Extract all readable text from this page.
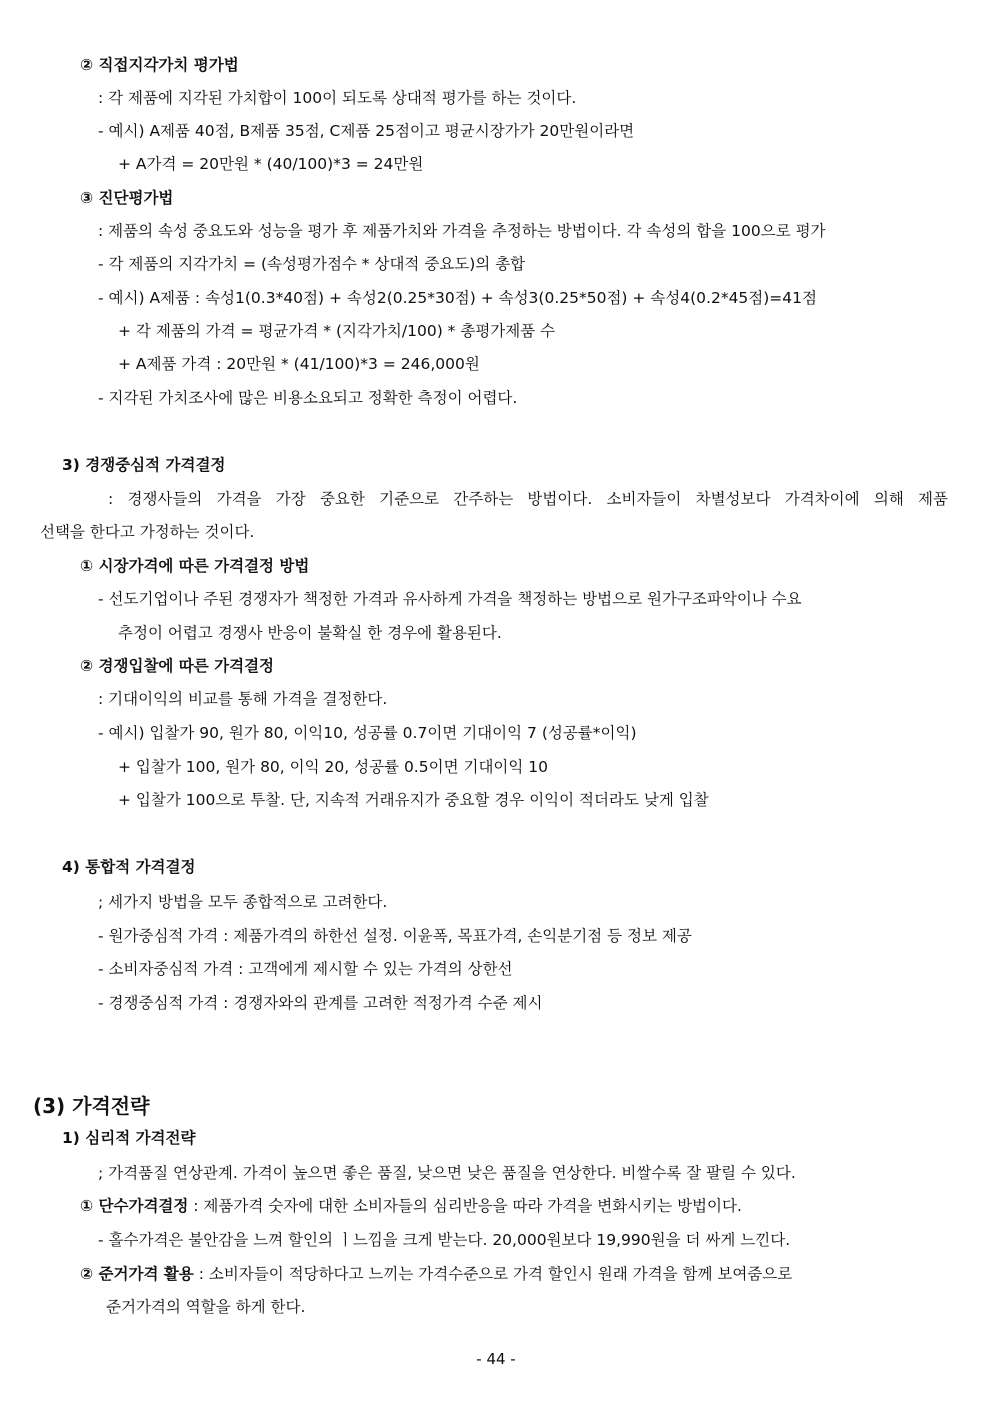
② 직접지각가치 평가법
: 각 제품에 지각된 가치합이 100이 되도록 상대적 평가를 하는 것이다.
- 예시) A제품 40점, B제품 35점, C제품 25점이고 평균시장가가 20만원이라면
+ A가격 = 20만원 * (40/100)*3 = 24만원
③ 진단평가법
: 제품의 속성 중요도와 성능을 평가 후 제품가치와 가격을 추정하는 방법이다. 각 속성의 합을 100으로 평가
- 각 제품의 지각가치 = (속성평가점수 * 상대적 중요도)의 총합
- 예시) A제품 : 속성1(0.3*40점) + 속성2(0.25*30점) + 속성3(0.25*50점) + 속성4(0.2*45점)=41점
+ 각 제품의 가격 = 평균가격 * (지각가치/100) * 총평가제품 수
+ A제품 가격 : 20만원 * (41/100)*3 = 246,000원
- 지각된 가치조사에 많은 비용소요되고 정확한 측정이 어렵다.
3) 경쟁중심적 가격결정
: 경쟁사들의 가격을 가장 중요한 기준으로 간주하는 방법이다. 소비자들이 차별성보다 가격차이에 의해 제품
선택을 한다고 가정하는 것이다.
① 시장가격에 따른 가격결정 방법
- 선도기업이나 주된 경쟁자가 책정한 가격과 유사하게 가격을 책정하는 방법으로 원가구조파악이나 수요
추정이 어렵고 경쟁사 반응이 불확실 한 경우에 활용된다.
② 경쟁입찰에 따른 가격결정
: 기대이익의 비교를 통해 가격을 결정한다.
- 예시) 입찰가 90, 원가 80, 이익10, 성공률 0.7이면 기대이익 7 (성공률*이익)
+ 입찰가 100, 원가 80, 이익 20, 성공률 0.5이면 기대이익 10
+ 입찰가 100으로 투찰. 단, 지속적 거래유지가 중요할 경우 이익이 적더라도 낮게 입찰
4) 통합적 가격결정
; 세가지 방법을 모두 종합적으로 고려한다.
- 원가중심적 가격 : 제품가격의 하한선 설정. 이윤폭, 목표가격, 손익분기점 등 정보 제공
- 소비자중심적 가격 : 고객에게 제시할 수 있는 가격의 상한선
- 경쟁중심적 가격 : 경쟁자와의 관계를 고려한 적정가격 수준 제시
(3) 가격전략
1) 심리적 가격전략
; 가격품질 연상관계. 가격이 높으면 좋은 품질, 낮으면 낮은 품질을 연상한다. 비쌀수록 잘 팔릴 수 있다.
- 홀수가격은 불안감을 느껴 할인의 ㅣ느낌을 크게 받는다. 20,000원보다 19,990원을 더 싸게 느낀다.
준거가격의 역할을 하게 한다.
① 단수가격결정 : 제품가격 숫자에 대한 소비자들의 심리반응을 따라 가격을 변화시키는 방법이다.
② 준거가격 활용 : 소비자들이 적당하다고 느끼는 가격수준으로 가격 할인시 원래 가격을 함께 보여줌으로
- 44 -
